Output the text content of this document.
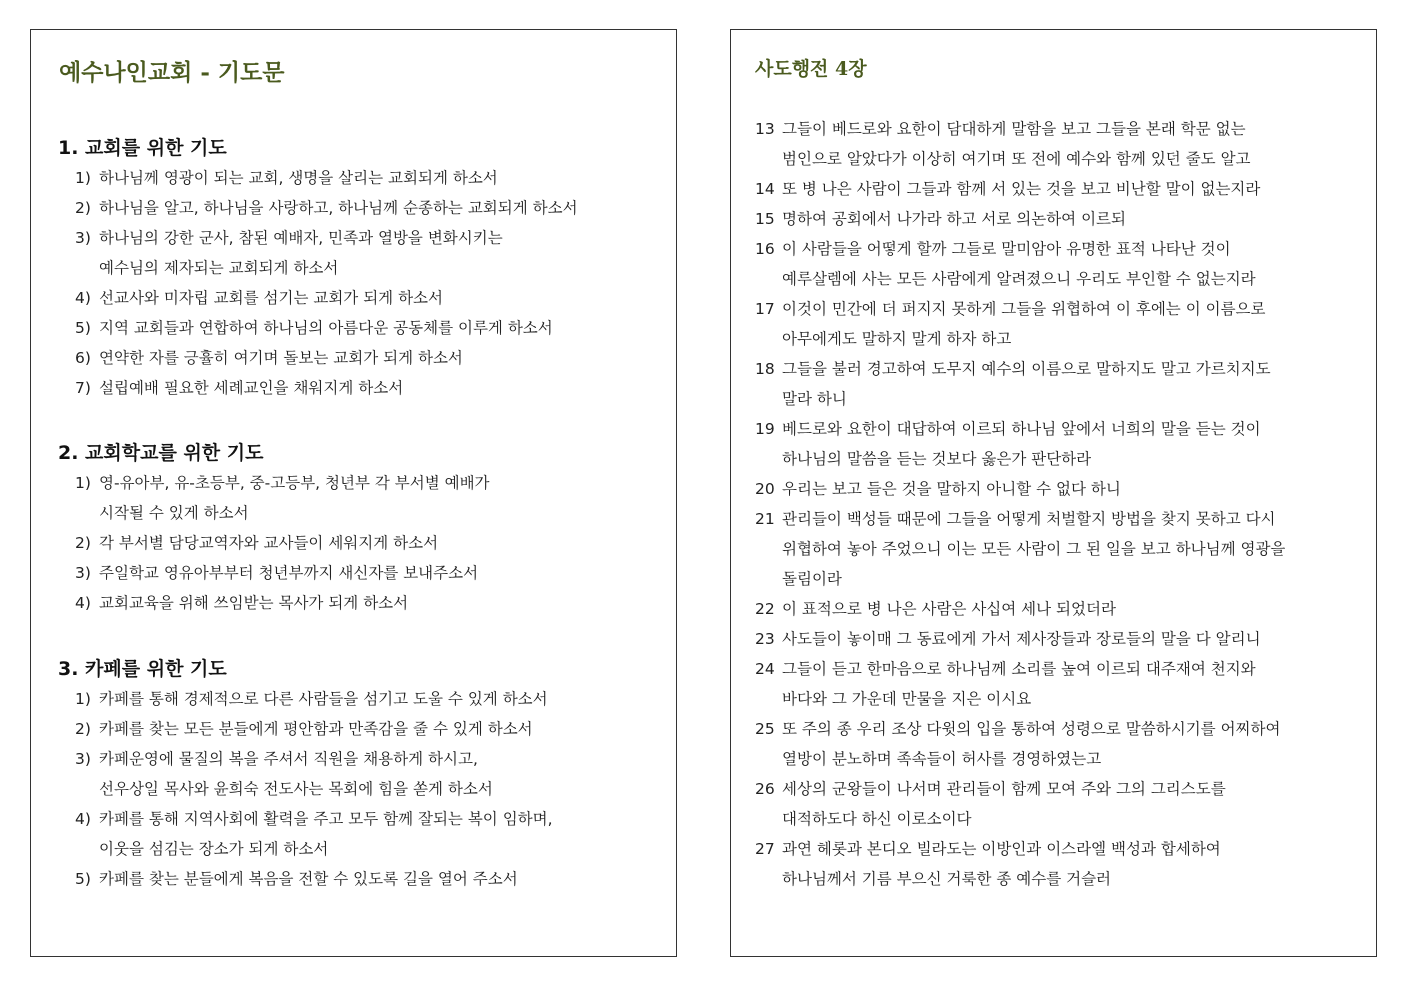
예수나인교회 - 기도문
1. 교회를 위한 기도
1) 하나님께 영광이 되는 교회, 생명을 살리는 교회되게 하소서
2) 하나님을 알고, 하나님을 사랑하고, 하나님께 순종하는 교회되게 하소서
3) 하나님의 강한 군사, 참된 예배자, 민족과 열방을 변화시키는
예수님의 제자되는 교회되게 하소서
4) 선교사와 미자립 교회를 섬기는 교회가 되게 하소서
5) 지역 교회들과 연합하여 하나님의 아름다운 공동체를 이루게 하소서
6) 연약한 자를 긍휼히 여기며 돌보는 교회가 되게 하소서
7) 설립예배 필요한 세례교인을 채워지게 하소서
2. 교회학교를 위한 기도
1) 영-유아부, 유-초등부, 중-고등부, 청년부 각 부서별 예배가
시작될 수 있게 하소서
2) 각 부서별 담당교역자와 교사들이 세워지게 하소서
3) 주일학교 영유아부부터 청년부까지 새신자를 보내주소서
4) 교회교육을 위해 쓰임받는 목사가 되게 하소서
3. 카페를 위한 기도
1) 카페를 통해 경제적으로 다른 사람들을 섬기고 도울 수 있게 하소서
2) 카페를 찾는 모든 분들에게 평안함과 만족감을 줄 수 있게 하소서
3) 카페운영에 물질의 복을 주셔서 직원을 채용하게 하시고,
선우상일 목사와 윤희숙 전도사는 목회에 힘을 쏟게 하소서
4) 카페를 통해 지역사회에 활력을 주고 모두 함께 잘되는 복이 임하며,
이웃을 섬김는 장소가 되게 하소서
5) 카페를 찾는 분들에게 복음을 전할 수 있도록 길을 열어 주소서
사도행전 4장
13 그들이 베드로와 요한이 담대하게 말함을 보고 그들을 본래 학문 없는
범인으로 알았다가 이상히 여기며 또 전에 예수와 함께 있던 줄도 알고
14 또 병 나은 사람이 그들과 함께 서 있는 것을 보고 비난할 말이 없는지라
15 명하여 공회에서 나가라 하고 서로 의논하여 이르되
16 이 사람들을 어떻게 할까 그들로 말미암아 유명한 표적 나타난 것이
예루살렘에 사는 모든 사람에게 알려졌으니 우리도 부인할 수 없는지라
17 이것이 민간에 더 퍼지지 못하게 그들을 위협하여 이 후에는 이 이름으로
아무에게도 말하지 말게 하자 하고
18 그들을 불러 경고하여 도무지 예수의 이름으로 말하지도 말고 가르치지도
말라 하니
19 베드로와 요한이 대답하여 이르되 하나님 앞에서 너희의 말을 듣는 것이
하나님의 말씀을 듣는 것보다 옳은가 판단하라
20 우리는 보고 들은 것을 말하지 아니할 수 없다 하니
21 관리들이 백성들 때문에 그들을 어떻게 처벌할지 방법을 찾지 못하고 다시
위협하여 놓아 주었으니 이는 모든 사람이 그 된 일을 보고 하나님께 영광을
돌림이라
22 이 표적으로 병 나은 사람은 사십여 세나 되었더라
23 사도들이 놓이매 그 동료에게 가서 제사장들과 장로들의 말을 다 알리니
24 그들이 듣고 한마음으로 하나님께 소리를 높여 이르되 대주재여 천지와
바다와 그 가운데 만물을 지은 이시요
25 또 주의 종 우리 조상 다윗의 입을 통하여 성령으로 말씀하시기를 어찌하여
열방이 분노하며 족속들이 허사를 경영하였는고
26 세상의 군왕들이 나서며 관리들이 함께 모여 주와 그의 그리스도를
대적하도다 하신 이로소이다
27 과연 헤롯과 본디오 빌라도는 이방인과 이스라엘 백성과 합세하여
하나님께서 기름 부으신 거룩한 종 예수를 거슬러
